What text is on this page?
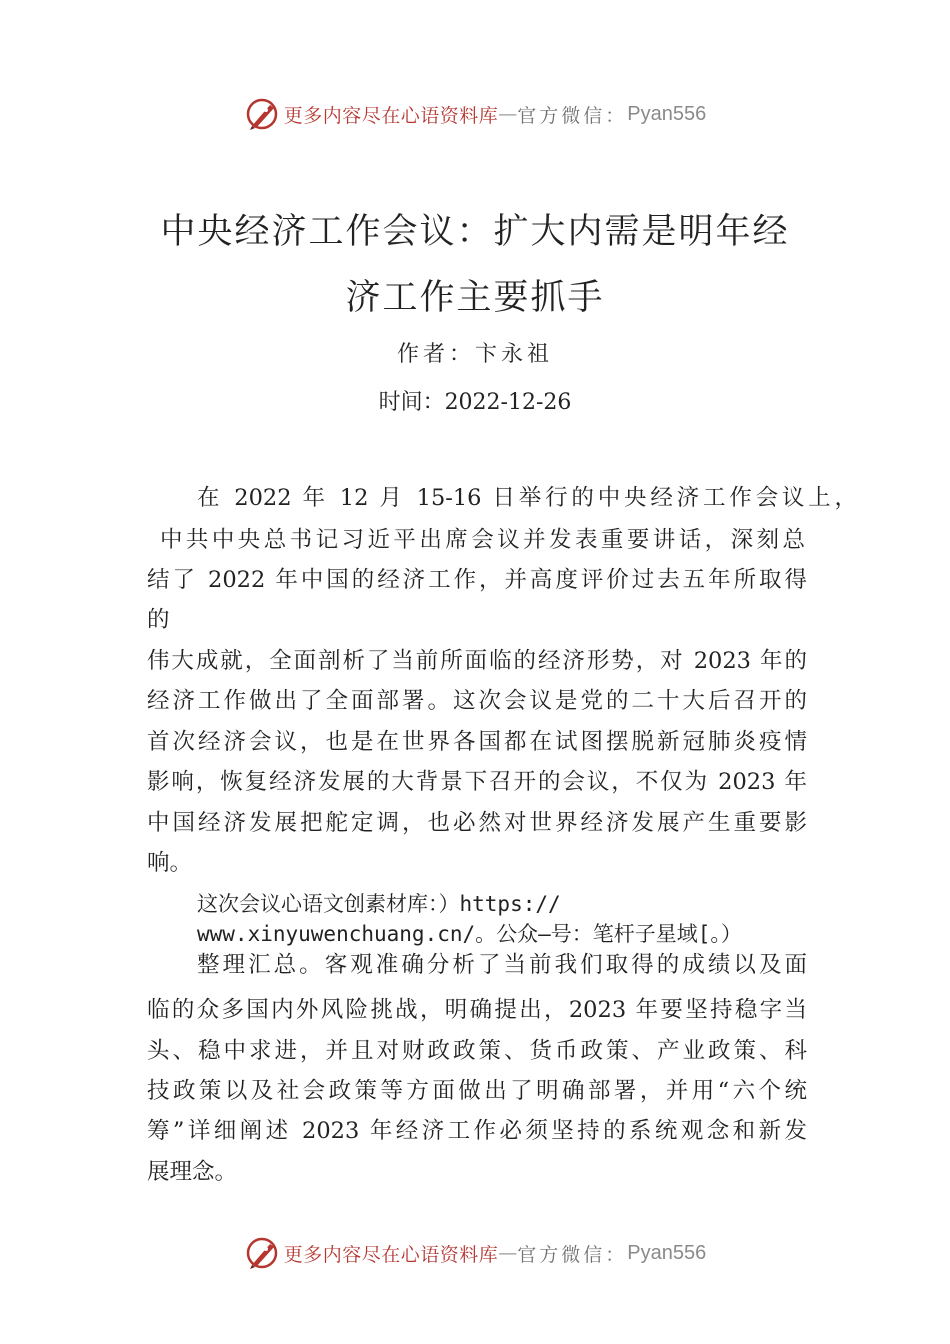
更多内容尽在心语资料库 — 官方微信： Pyan556
中央经济工作会议：扩大内需是明年经
济工作主要抓手
作者：卞永祖
时间：2022-12-26
在 2022 年 12 月 15-16 日举行的中央经济工作会议上，
中共中央总书记习近平出席会议并发表重要讲话，深刻总
结了 2022 年中国的经济工作，并高度评价过去五年所取得
的
伟大成就，全面剖析了当前所面临的经济形势，对 2023 年的
经济工作做出了全面部署。这次会议是党的二十大后召开的
首次经济会议，也是在世界各国都在试图摆脱新冠肺炎疫情
影响，恢复经济发展的大背景下召开的会议，不仅为 2023 年
中国经济发展把舵定调，也必然对世界经济发展产生重要影
响。
这次会议心语文创素材库：）https://
www.xinyuwenchuang.cn/。公众—号：笔杆子星域[。）
整理汇总。客观准确分析了当前我们取得的成绩以及面
临的众多国内外风险挑战，明确提出，2023 年要坚持稳字当
头、稳中求进，并且对财政政策、货币政策、产业政策、科
技政策以及社会政策等方面做出了明确部署，并用“六个统
筹”详细阐述 2023 年经济工作必须坚持的系统观念和新发
展理念。
更多内容尽在心语资料库 — 官方微信： Pyan556
